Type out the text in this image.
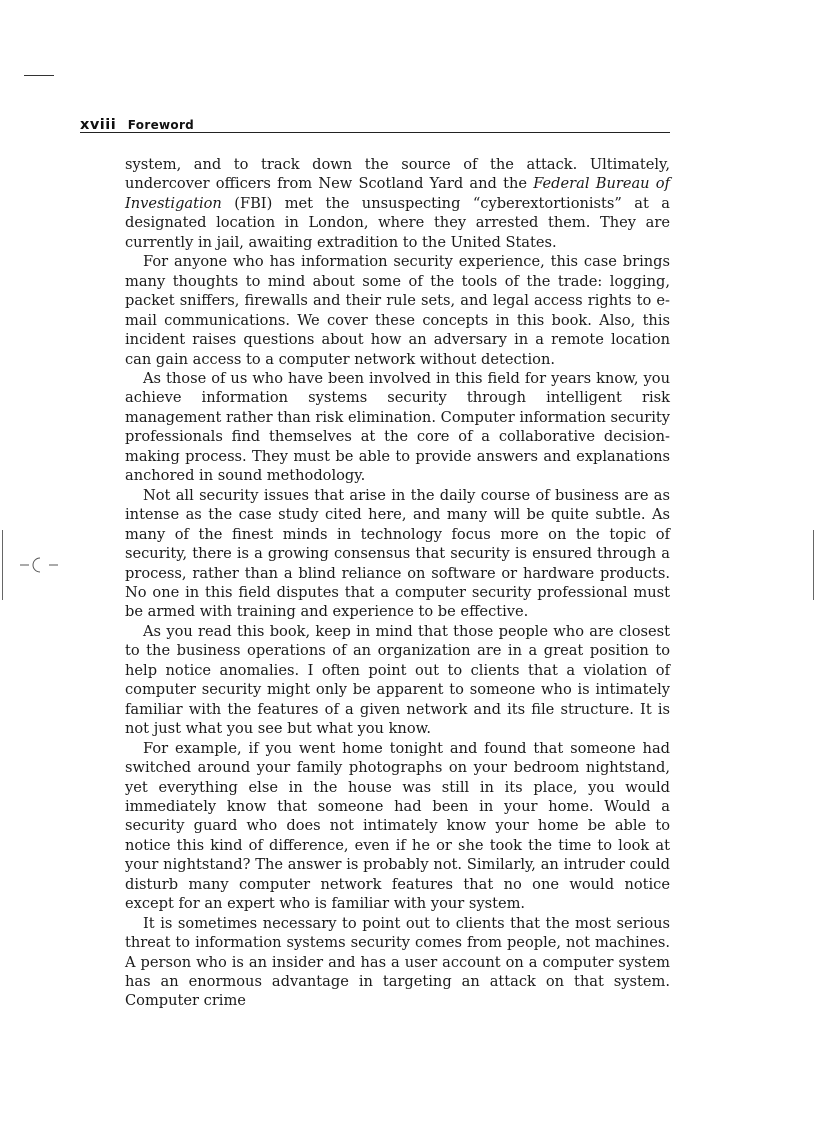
xviii Foreword

system, and to track down the source of the attack. Ultimately, undercover officers from New Scotland Yard and the Federal Bureau of Investigation (FBI) met the unsuspecting “cyberextortionists” at a designated location in London, where they arrested them. They are currently in jail, awaiting extradition to the United States.

For anyone who has information security experience, this case brings many thoughts to mind about some of the tools of the trade: logging, packet sniffers, firewalls and their rule sets, and legal access rights to e-mail communications. We cover these concepts in this book. Also, this incident raises questions about how an adversary in a remote location can gain access to a computer network without detection.

As those of us who have been involved in this field for years know, you achieve information systems security through intelligent risk management rather than risk elimination. Computer information security professionals find themselves at the core of a collaborative decision-making process. They must be able to provide answers and explanations anchored in sound methodology.

Not all security issues that arise in the daily course of business are as intense as the case study cited here, and many will be quite subtle. As many of the finest minds in technology focus more on the topic of security, there is a growing consensus that security is ensured through a process, rather than a blind reliance on software or hardware products. No one in this field disputes that a computer security professional must be armed with training and experience to be effective.

As you read this book, keep in mind that those people who are closest to the business operations of an organization are in a great position to help notice anomalies. I often point out to clients that a violation of computer security might only be apparent to someone who is intimately familiar with the features of a given network and its file structure. It is not just what you see but what you know.

For example, if you went home tonight and found that someone had switched around your family photographs on your bedroom nightstand, yet everything else in the house was still in its place, you would immediately know that someone had been in your home. Would a security guard who does not intimately know your home be able to notice this kind of difference, even if he or she took the time to look at your nightstand? The answer is probably not. Similarly, an intruder could disturb many computer network features that no one would notice except for an expert who is familiar with your system.

It is sometimes necessary to point out to clients that the most serious threat to information systems security comes from people, not machines. A person who is an insider and has a user account on a computer system has an enormous advantage in targeting an attack on that system. Computer crime
